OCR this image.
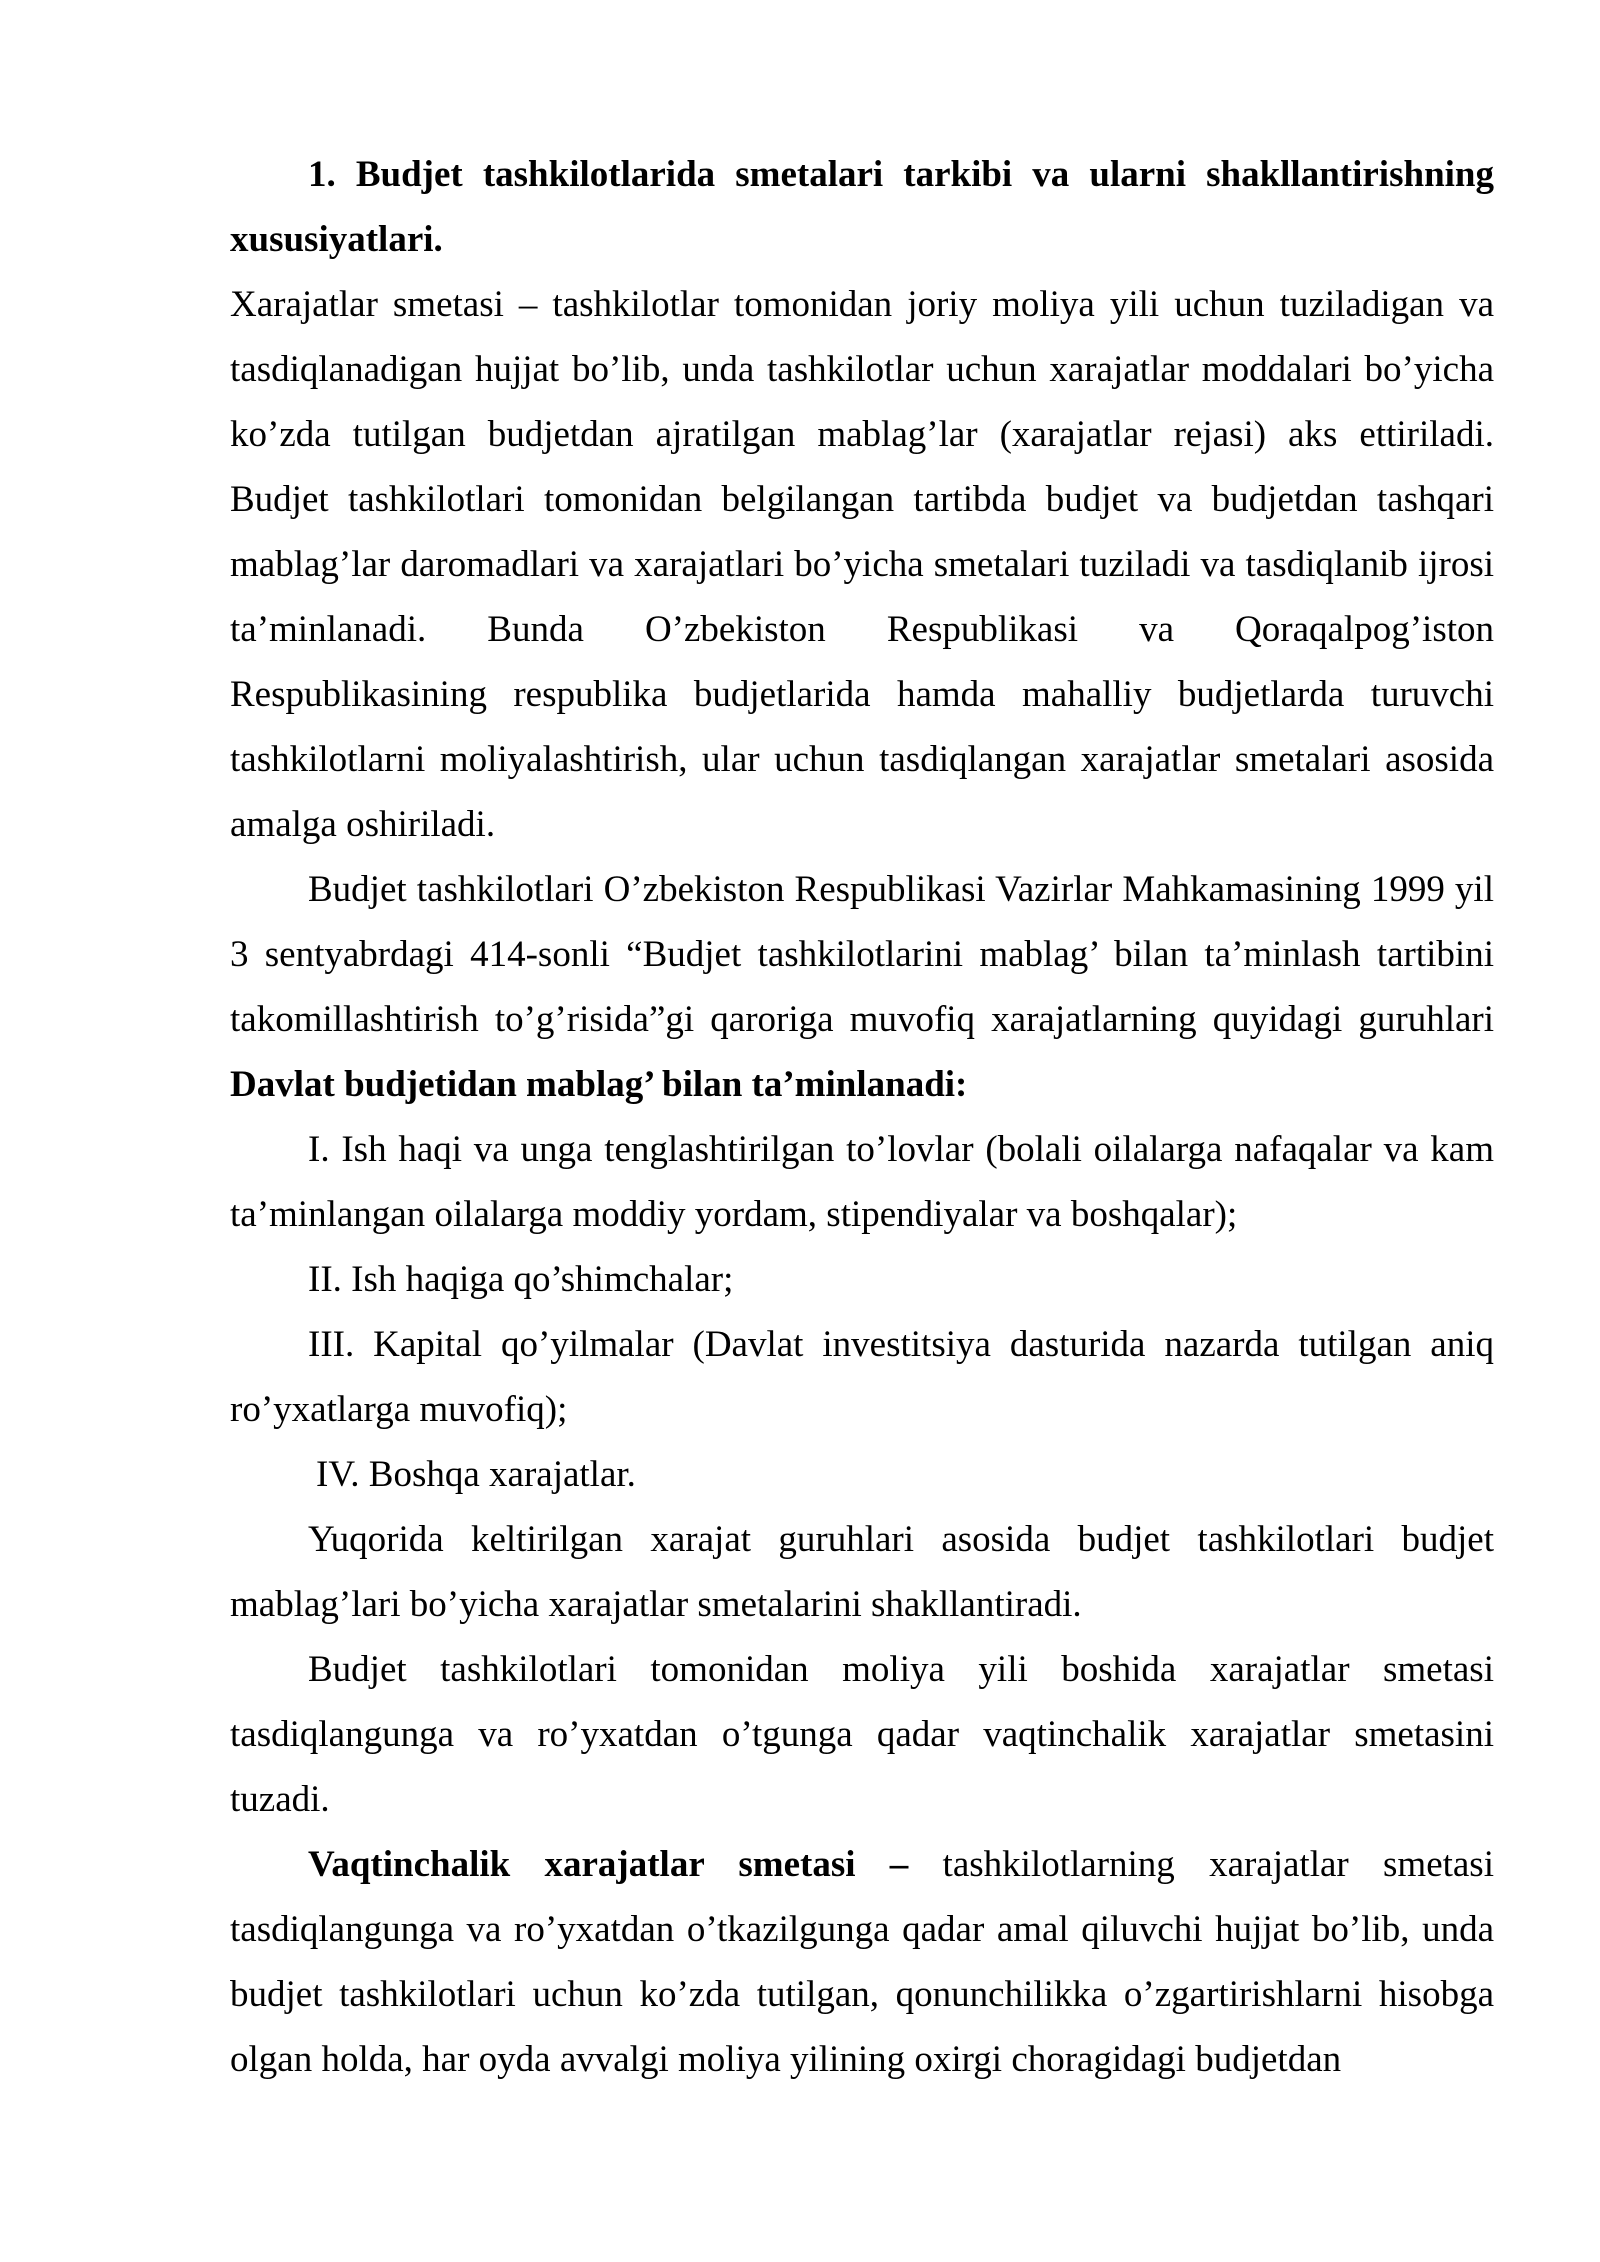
1. Budjet tashkilotlarida smetalari tarkibi va ularni shakllantirishning xususiyatlari.

Xarajatlar smetasi – tashkilotlar tomonidan joriy moliya yili uchun tuziladigan va tasdiqlanadigan hujjat bo’lib, unda tashkilotlar uchun xarajatlar moddalari bo’yicha ko’zda tutilgan budjetdan ajratilgan mablag’lar (xarajatlar rejasi) aks ettiriladi. Budjet tashkilotlari tomonidan belgilangan tartibda budjet va budjetdan tashqari mablag’lar daromadlari va xarajatlari bo’yicha smetalari tuziladi va tasdiqlanib ijrosi ta’minlanadi. Bunda O’zbekiston Respublikasi va Qoraqalpog’iston Respublikasining respublika budjetlarida hamda mahalliy budjetlarda turuvchi tashkilotlarni moliyalashtirish, ular uchun tasdiqlangan xarajatlar smetalari asosida amalga oshiriladi.

Budjet tashkilotlari O’zbekiston Respublikasi Vazirlar Mahkamasining 1999 yil 3 sentyabrdagi 414-sonli “Budjet tashkilotlarini mablag’ bilan ta’minlash tartibini takomillashtirish to’g’risida”gi qaroriga muvofiq xarajatlarning quyidagi guruhlari Davlat budjetidan mablag’ bilan ta’minlanadi:

I. Ish haqi va unga tenglashtirilgan to’lovlar (bolali oilalarga nafaqalar va kam ta’minlangan oilalarga moddiy yordam, stipendiyalar va boshqalar);

II. Ish haqiga qo’shimchalar;

III. Kapital qo’yilmalar (Davlat investitsiya dasturida nazarda tutilgan aniq ro’yxatlarga muvofiq);

IV. Boshqa xarajatlar.

Yuqorida keltirilgan xarajat guruhlari asosida budjet tashkilotlari budjet mablag’lari bo’yicha xarajatlar smetalarini shakllantiradi.

Budjet tashkilotlari tomonidan moliya yili boshida xarajatlar smetasi tasdiqlangunga va ro’yxatdan o’tgunga qadar vaqtinchalik xarajatlar smetasini tuzadi.

Vaqtinchalik xarajatlar smetasi – tashkilotlarning xarajatlar smetasi tasdiqlangunga va ro’yxatdan o’tkazilgunga qadar amal qiluvchi hujjat bo’lib, unda budjet tashkilotlari uchun ko’zda tutilgan, qonunchilikka o’zgartirishlarni hisobga olgan holda, har oyda avvalgi moliya yilining oxirgi choragidagi budjetdan
